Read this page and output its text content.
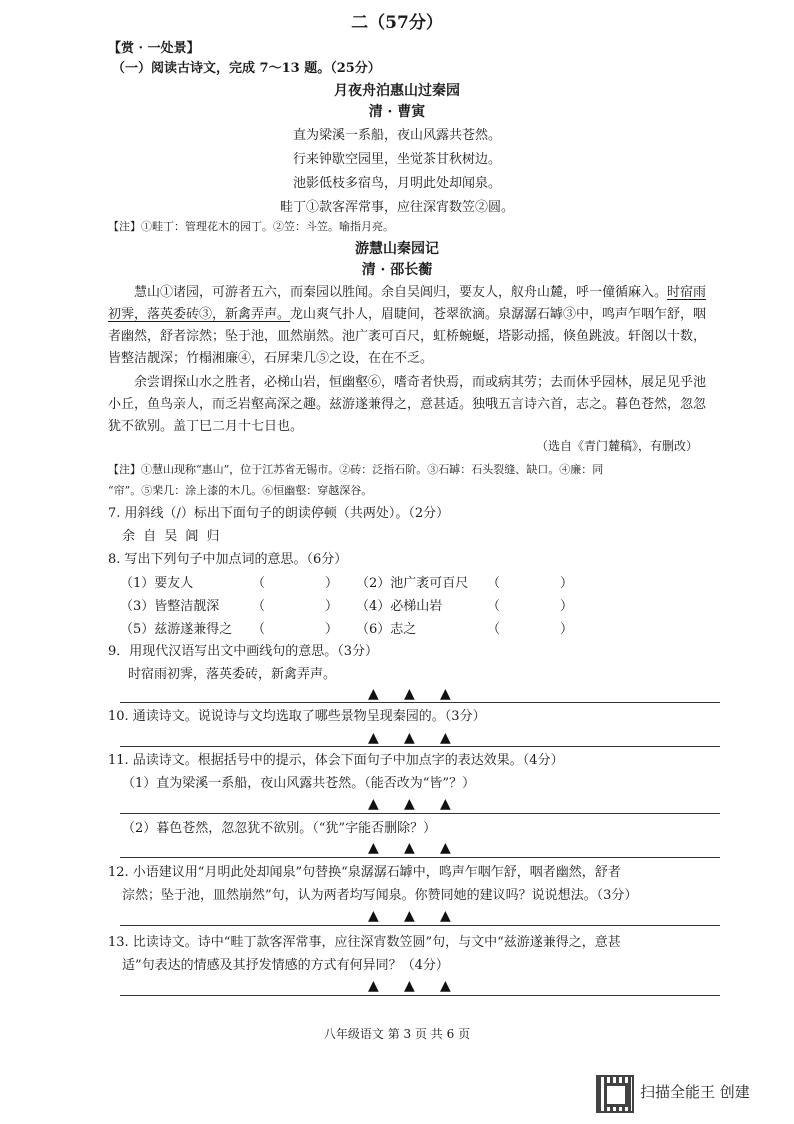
二（57分）
【赏 · 一处景】
（一）阅读古诗文，完成 7～13 题。（25分）
月夜舟泊惠山过秦园
清 · 曹寅
直为梁溪一系船，夜山风露共苍然。
行来钟歇空园里，坐觉茶甘秋树边。
池影低枝多宿鸟，月明此处却闻泉。
畦丁①款客浑常事，应往深宵数笠②圆。
【注】①畦丁：管理花木的园丁。②笠：斗笠。喻指月亮。
游慧山秦园记
清 · 邵长蘅
慧山①诸园，可游者五六，而秦园以胜闻。余自吴阊归，要友人，舣舟山麓，呼一僮循麻入。时宿雨初霁，落英委砖③，新禽弄声。龙山爽气扑人，眉睫间，苍翠欲滴。泉潺潺石罅③中，鸣声乍咽乍舒，咽者幽然，舒者淙然；坠于池，皿然崩然。池广袤可百尺，虹桥蜿蜒，塔影动摇，倏鱼跳波。轩阁以十数，皆整洁靓深；竹榻湘廉④，石屏棐几⑤之设，在在不乏。
余尝谓探山水之胜者，必梯山岩，恒幽壑⑥，嗜奇者快焉，而或病其劳；去而休乎园林，展足见乎池小丘，鱼鸟亲人，而乏岩壑高深之趣。兹游遂兼得之，意甚适。独哦五言诗六首，志之。暮色苍然，忽忽犹不欲别。盖丁巳二月十七日也。
（选自《青门麓稿》，有删改）
【注】①慧山现称“惠山”，位于江苏省无锡市。②砖：泛指石阶。③石罅：石头裂缝、缺口。④廉：同
“帘”。⑤棐几：涂上漆的木几。⑥恒幽壑：穿越深谷。
7. 用斜线（/）标出下面句子的朗读停顿（共两处）。（2分）
余 自 吴 阊 归
8. 写出下列句子中加点词的意思。（6分）
（1）要友人	（	） （2）池广袤可百尺 （	）
（3）皆整洁靓深	（	） （4）必梯山岩	（	）
（5）兹游遂兼得之 （	） （6）志之	（	）
9．用现代汉语写出文中画线句的意思。（3分）
时宿雨初霁，落英委砖，新禽弄声。
▲ ▲ ▲
10. 通读诗文。说说诗与文均选取了哪些景物呈现秦园的。（3分）
▲ ▲ ▲
11. 品读诗文。根据括号中的提示，体会下面句子中加点字的表达效果。（4分）
（1）直为梁溪一系船，夜山风露共苍然。（能否改为“皆”？）
▲ ▲ ▲
（2）暮色苍然，忽忽犹不欲别。（“犹”字能否删除？）
▲ ▲ ▲
12. 小语建议用“月明此处却闻泉”句替换“泉潺潺石罅中，鸣声乍咽乍舒，咽者幽然，舒者
淙然；坠于池，皿然崩然”句，认为两者均写闻泉。你赞同她的建议吗？说说想法。（3分）
▲ ▲ ▲
13. 比读诗文。诗中“畦丁款客浑常事，应往深宵数笠圆”句，与文中“兹游遂兼得之，意甚
适”句表达的情感及其抒发情感的方式有何异同？（4分）
▲ ▲ ▲
八年级语文 第 3 页 共 6 页
扫描全能王 创建
